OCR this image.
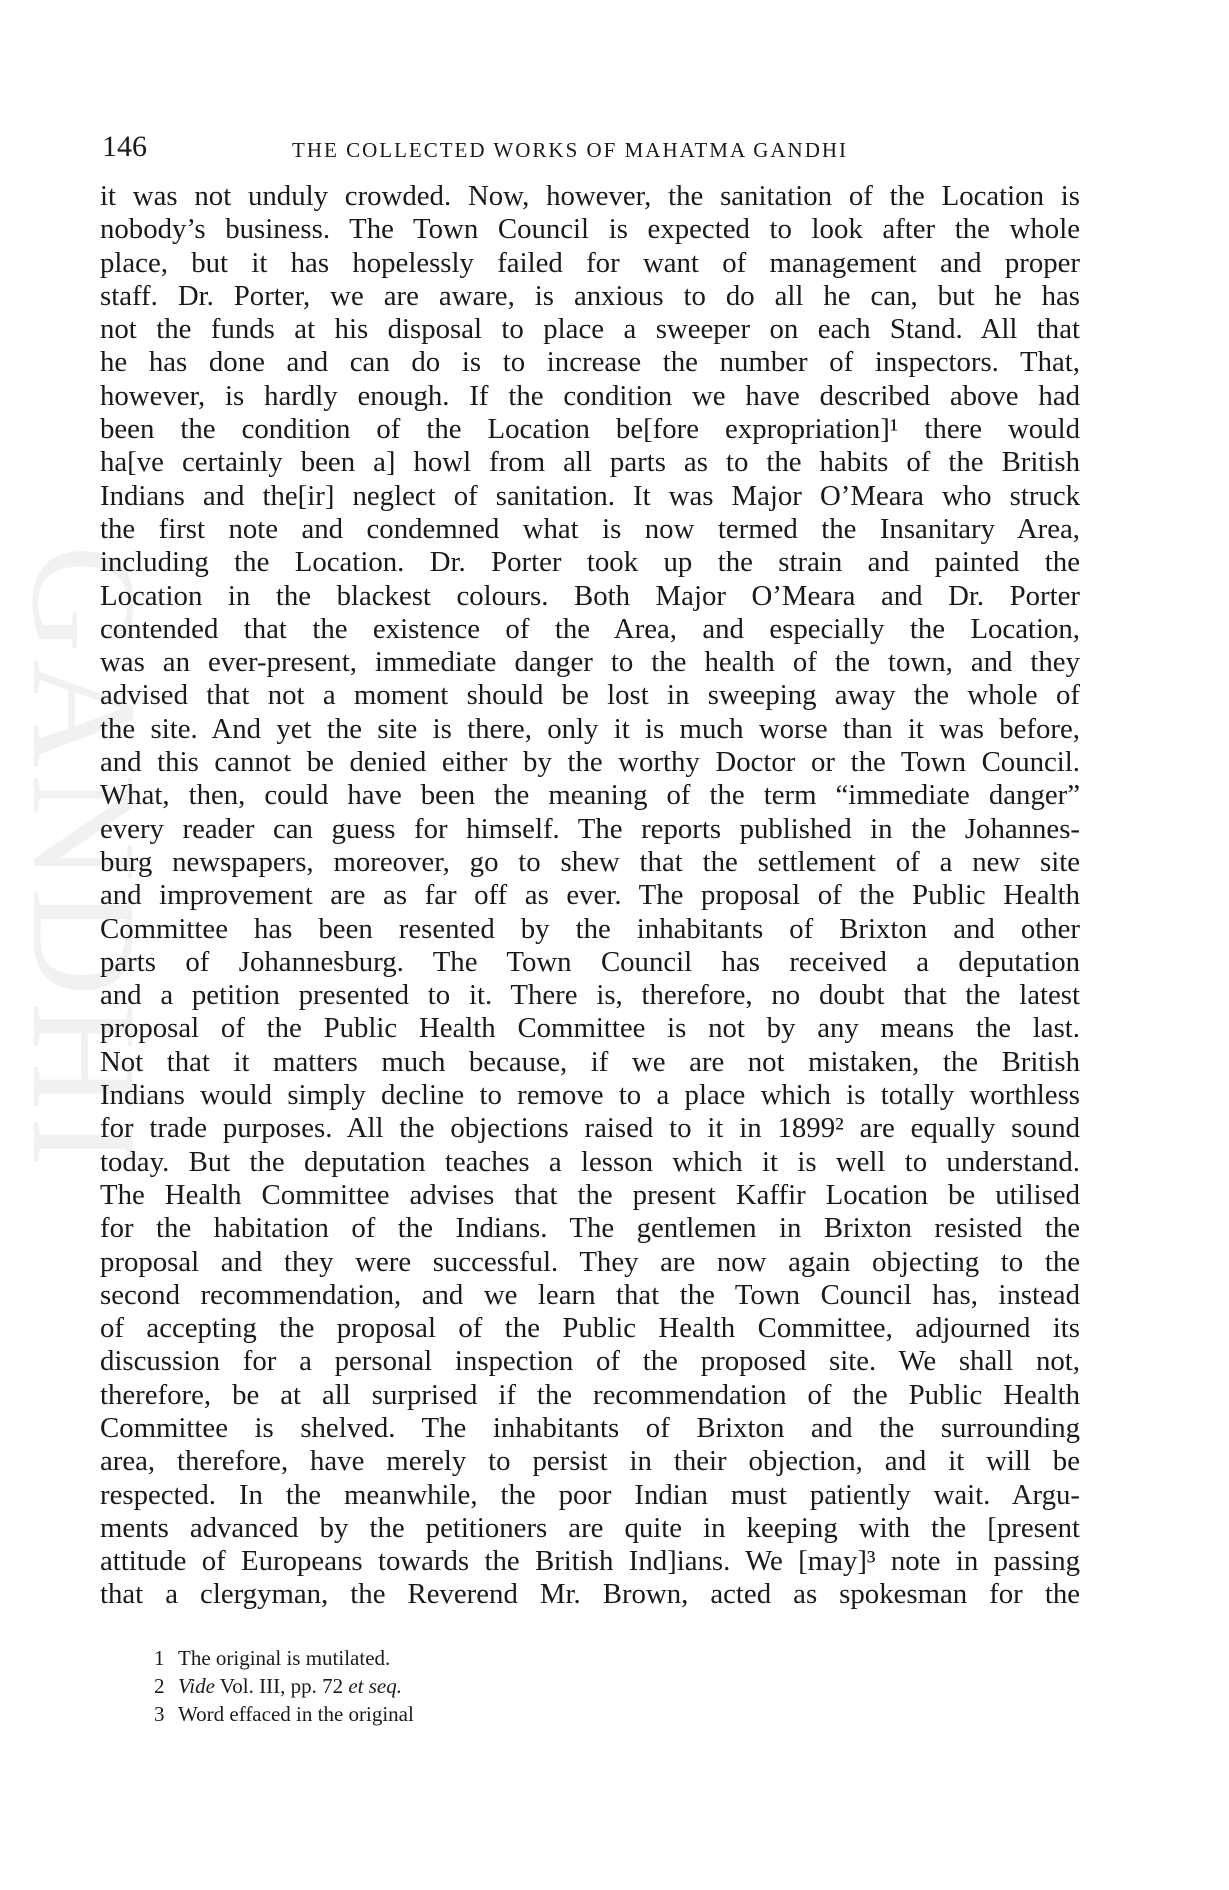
GANDHI
146	THE COLLECTED WORKS OF MAHATMA GANDHI
it was not unduly crowded. Now, however, the sanitation of the Location is
nobody’s business. The Town Council is expected to look after the whole
place, but it has hopelessly failed for want of management and proper
staff. Dr. Porter, we are aware, is anxious to do all he can, but he has
not the funds at his disposal to place a sweeper on each Stand. All that
he has done and can do is to increase the number of inspectors. That,
however, is hardly enough. If the condition we have described above had
been the condition of the Location be[fore expropriation]¹ there would
ha[ve certainly been a] howl from all parts as to the habits of the British
Indians and the[ir] neglect of sanitation. It was Major O’Meara who struck
the first note and condemned what is now termed the Insanitary Area,
including the Location. Dr. Porter took up the strain and painted the
Location in the blackest colours. Both Major O’Meara and Dr. Porter
contended that the existence of the Area, and especially the Location,
was an ever-present, immediate danger to the health of the town, and they
advised that not a moment should be lost in sweeping away the whole of
the site. And yet the site is there, only it is much worse than it was before,
and this cannot be denied either by the worthy Doctor or the Town Council.
What, then, could have been the meaning of the term “immediate danger”
every reader can guess for himself. The reports published in the Johannes-
burg newspapers, moreover, go to shew that the settlement of a new site
and improvement are as far off as ever. The proposal of the Public Health
Committee has been resented by the inhabitants of Brixton and other
parts of Johannesburg. The Town Council has received a deputation
and a petition presented to it. There is, therefore, no doubt that the latest
proposal of the Public Health Committee is not by any means the last.
Not that it matters much because, if we are not mistaken, the British
Indians would simply decline to remove to a place which is totally worthless
for trade purposes. All the objections raised to it in 1899² are equally sound
today. But the deputation teaches a lesson which it is well to understand.
The Health Committee advises that the present Kaffir Location be utilised
for the habitation of the Indians. The gentlemen in Brixton resisted the
proposal and they were successful. They are now again objecting to the
second recommendation, and we learn that the Town Council has, instead
of accepting the proposal of the Public Health Committee, adjourned its
discussion for a personal inspection of the proposed site. We shall not,
therefore, be at all surprised if the recommendation of the Public Health
Committee is shelved. The inhabitants of Brixton and the surrounding
area, therefore, have merely to persist in their objection, and it will be
respected. In the meanwhile, the poor Indian must patiently wait. Argu-
ments advanced by the petitioners are quite in keeping with the [present
attitude of Europeans towards the British Ind]ians. We [may]³ note in passing
that a clergyman, the Reverend Mr. Brown, acted as spokesman for the
1 The original is mutilated.
2 Vide Vol. III, pp. 72 et seq.
3 Word effaced in the original
